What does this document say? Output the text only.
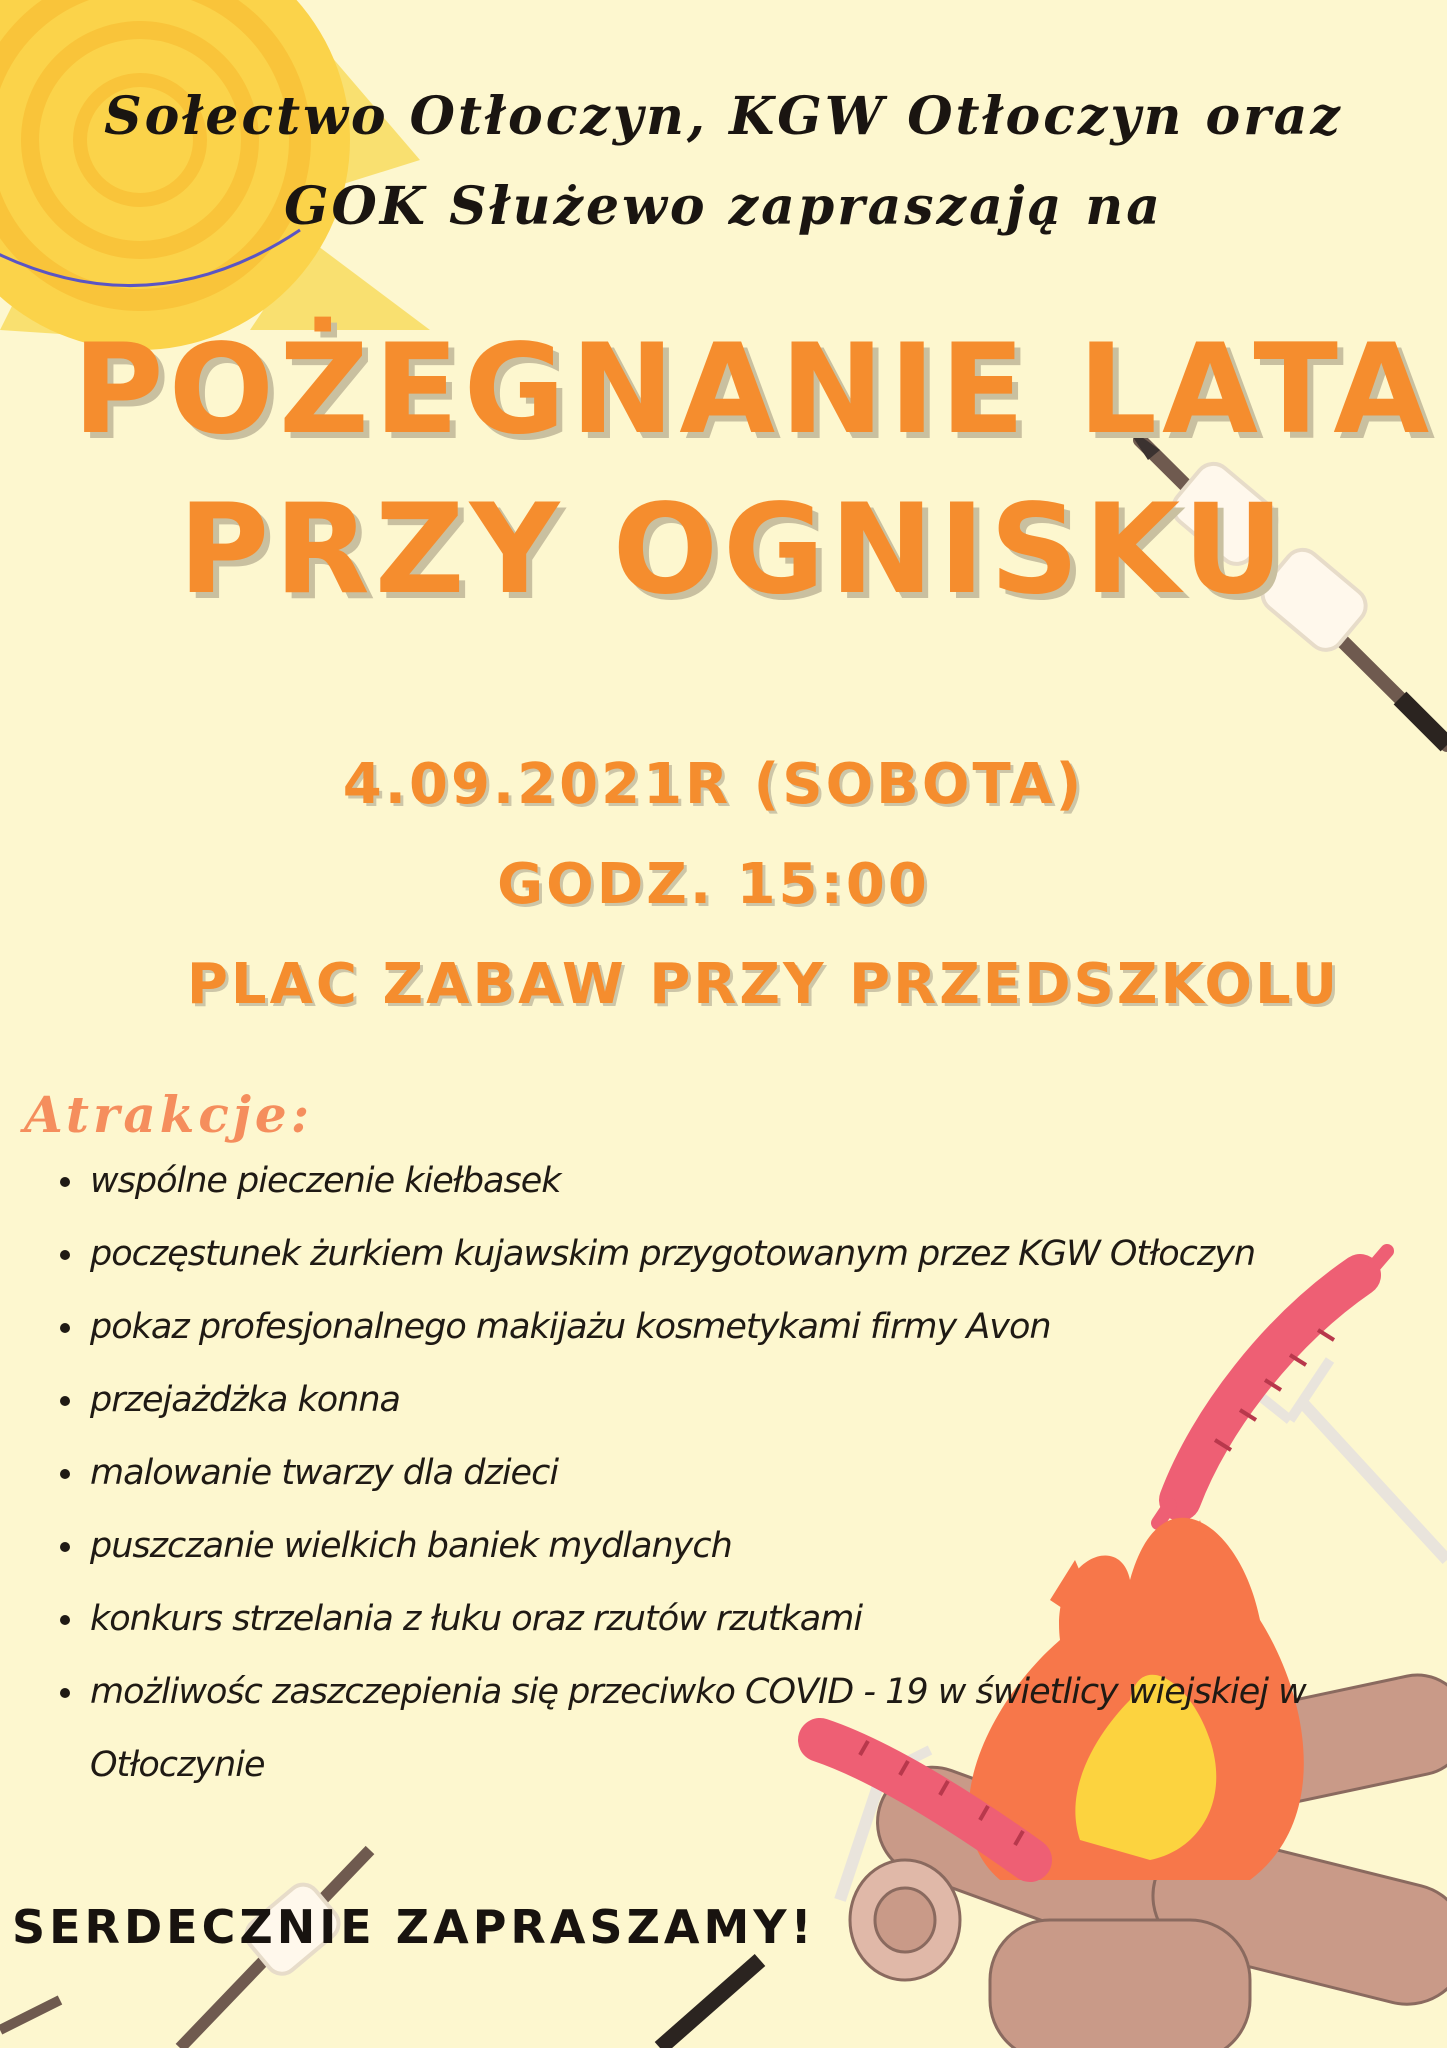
Sołectwo Otłoczyn, KGW Otłoczyn oraz
GOK Służewo zapraszają na
POŻEGNANIE LATA
PRZY OGNISKU
4.09.2021R (SOBOTA)
GODZ. 15:00
PLAC ZABAW PRZY PRZEDSZKOLU
Atrakcje:
wspólne pieczenie kiełbasek
poczęstunek żurkiem kujawskim przygotowanym przez KGW Otłoczyn
pokaz profesjonalnego makijażu kosmetykami firmy Avon
przejażdżka konna
malowanie twarzy dla dzieci
puszczanie wielkich baniek mydlanych
konkurs strzelania z łuku oraz rzutów rzutkami
możliwośc zaszczepienia się przeciwko COVID - 19 w świetlicy wiejskiej w
Otłoczynie
SERDECZNIE ZAPRASZAMY!
